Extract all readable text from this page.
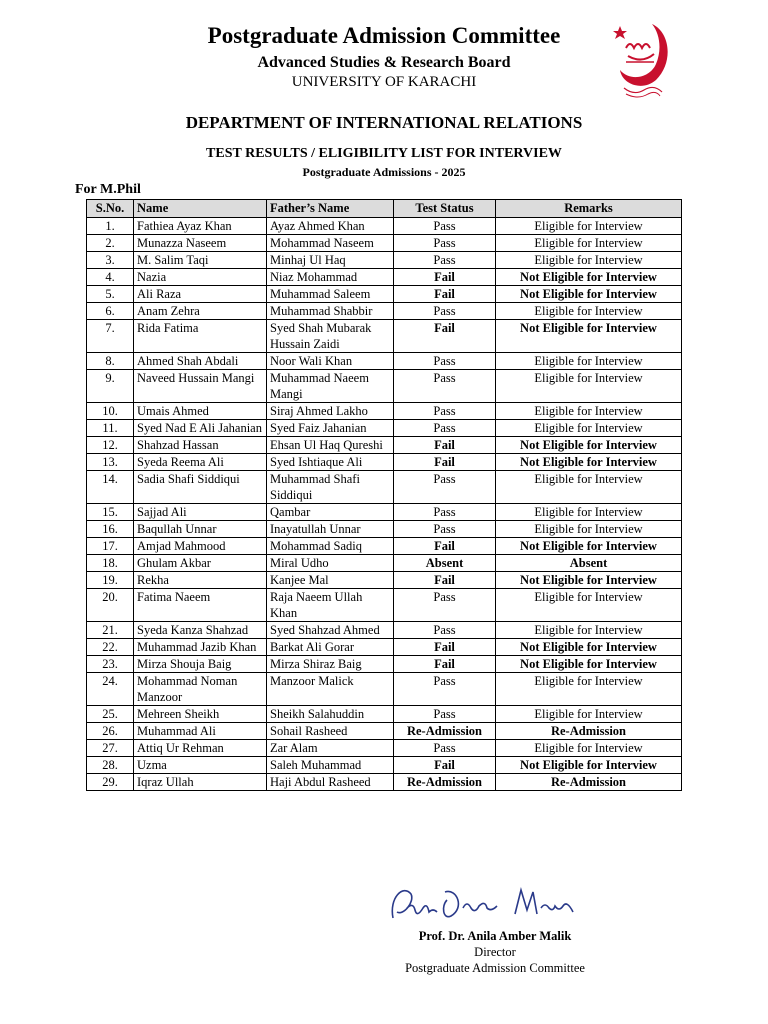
Postgraduate Admission Committee
Advanced Studies & Research Board
UNIVERSITY OF KARACHI
DEPARTMENT OF INTERNATIONAL RELATIONS
TEST RESULTS / ELIGIBILITY LIST FOR INTERVIEW
Postgraduate Admissions - 2025
For M.Phil
S.No.	Name	Father’s Name	Test Status	Remarks
1.	Fathiea Ayaz Khan	Ayaz Ahmed Khan	Pass	Eligible for Interview
2.	Munazza Naseem	Mohammad Naseem	Pass	Eligible for Interview
3.	M. Salim Taqi	Minhaj Ul Haq	Pass	Eligible for Interview
4.	Nazia	Niaz Mohammad	Fail	Not Eligible for Interview
5.	Ali Raza	Muhammad Saleem	Fail	Not Eligible for Interview
6.	Anam Zehra	Muhammad Shabbir	Pass	Eligible for Interview
7.	Rida Fatima	Syed Shah Mubarak Hussain Zaidi	Fail	Not Eligible for Interview
8.	Ahmed Shah Abdali	Noor Wali Khan	Pass	Eligible for Interview
9.	Naveed Hussain Mangi	Muhammad Naeem Mangi	Pass	Eligible for Interview
10.	Umais Ahmed	Siraj Ahmed Lakho	Pass	Eligible for Interview
11.	Syed Nad E Ali Jahanian	Syed Faiz Jahanian	Pass	Eligible for Interview
12.	Shahzad Hassan	Ehsan Ul Haq Qureshi	Fail	Not Eligible for Interview
13.	Syeda Reema Ali	Syed Ishtiaque Ali	Fail	Not Eligible for Interview
14.	Sadia Shafi Siddiqui	Muhammad Shafi Siddiqui	Pass	Eligible for Interview
15.	Sajjad Ali	Qambar	Pass	Eligible for Interview
16.	Baqullah Unnar	Inayatullah Unnar	Pass	Eligible for Interview
17.	Amjad Mahmood	Mohammad Sadiq	Fail	Not Eligible for Interview
18.	Ghulam Akbar	Miral Udho	Absent	Absent
19.	Rekha	Kanjee Mal	Fail	Not Eligible for Interview
20.	Fatima Naeem	Raja Naeem Ullah Khan	Pass	Eligible for Interview
21.	Syeda Kanza Shahzad	Syed Shahzad Ahmed	Pass	Eligible for Interview
22.	Muhammad Jazib Khan	Barkat Ali Gorar	Fail	Not Eligible for Interview
23.	Mirza Shouja Baig	Mirza Shiraz Baig	Fail	Not Eligible for Interview
24.	Mohammad Noman Manzoor	Manzoor Malick	Pass	Eligible for Interview
25.	Mehreen Sheikh	Sheikh Salahuddin	Pass	Eligible for Interview
26.	Muhammad Ali	Sohail Rasheed	Re-Admission	Re-Admission
27.	Attiq Ur Rehman	Zar Alam	Pass	Eligible for Interview
28.	Uzma	Saleh Muhammad	Fail	Not Eligible for Interview
29.	Iqraz Ullah	Haji Abdul Rasheed	Re-Admission	Re-Admission
Prof. Dr. Anila Amber Malik
Director
Postgraduate Admission Committee
